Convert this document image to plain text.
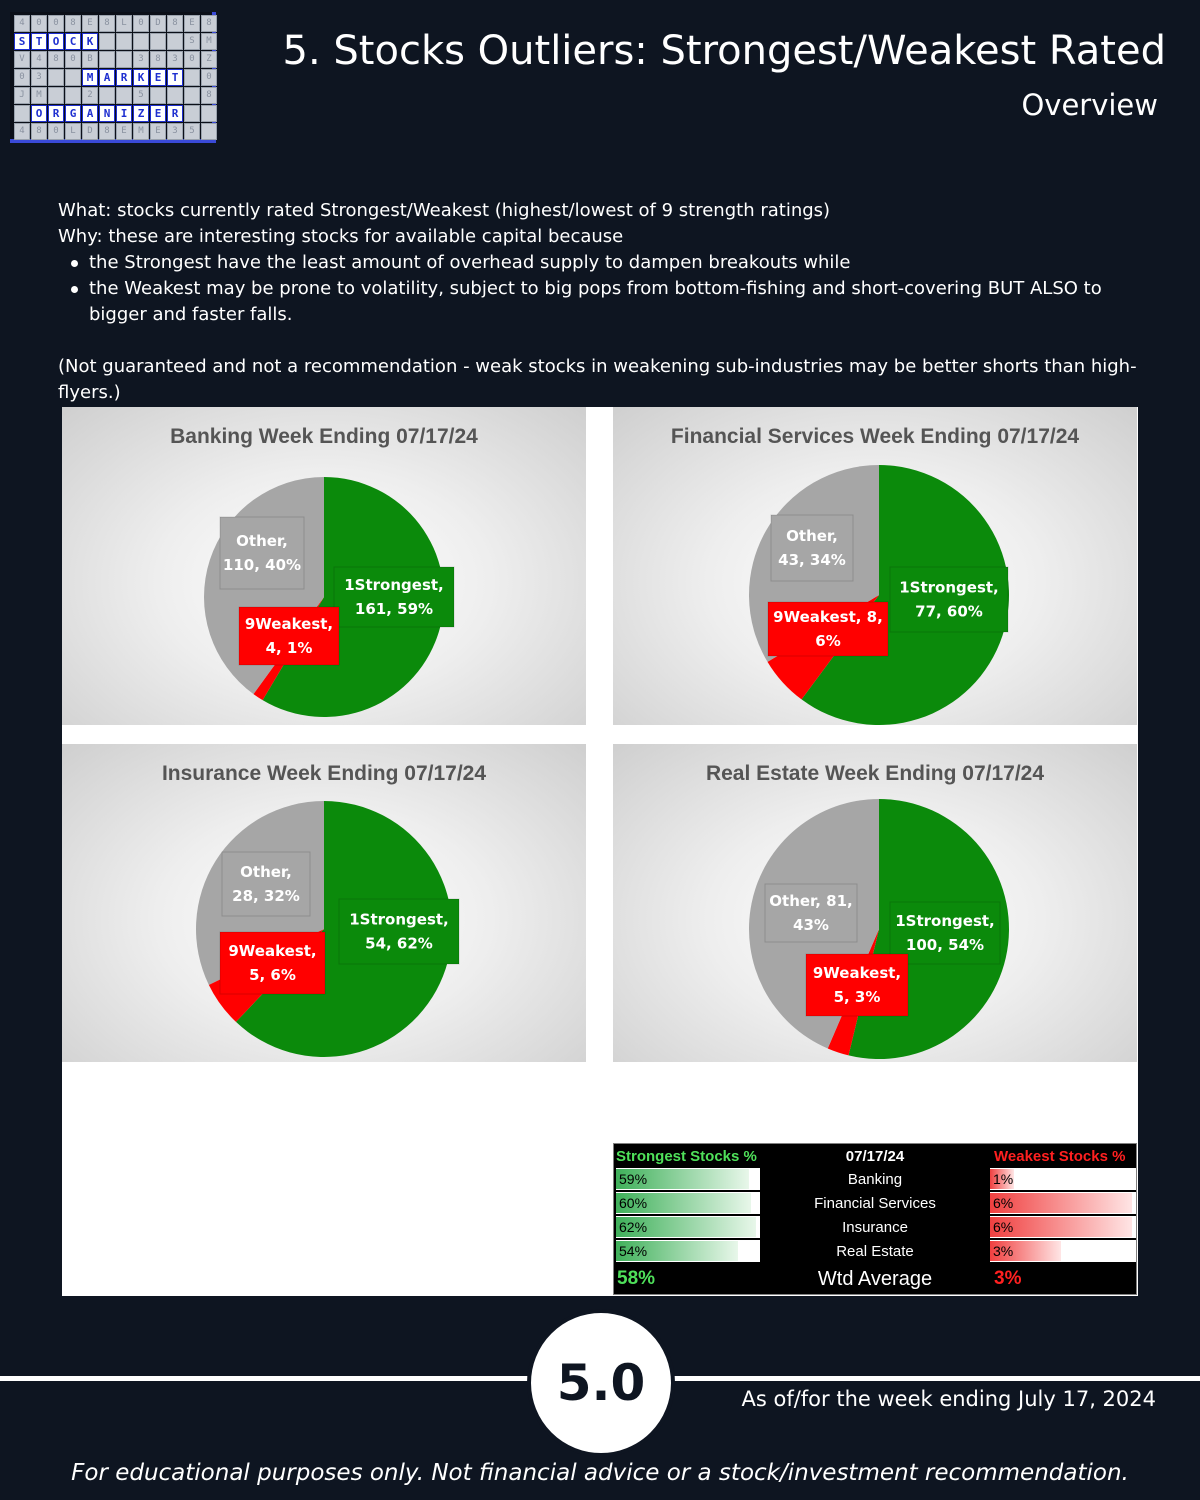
4	0	0	8	E	8	L	0	D	8	E	8
S T O C K	S	M
V	4	8	0	B	3	8	3	0	Z
0	3	M A R K E T	0
J	M	2	5	8
O R G A N I Z E R
4	8	0	L	D	8	E	M	E	3	5
5. Stocks Outliers: Strongest/Weakest Rated
Overview
What: stocks currently rated Strongest/Weakest (highest/lowest of 9 strength ratings)
Why: these are interesting stocks for available capital because
the Strongest have the least amount of overhead supply to dampen breakouts while
the Weakest may be prone to volatility, subject to big pops from bottom-fishing and short-covering BUT ALSO to bigger and faster falls.
(Not guaranteed and not a recommendation - weak stocks in weakening sub-industries may be better shorts than high-flyers.)
Banking Week Ending 07/17/24
1Strongest, 161, 59%
9Weakest, 4, 1%
Other, 110, 40%
Financial Services Week Ending 07/17/24
1Strongest, 77, 60%
9Weakest, 8, 6%
Other, 43, 34%
Insurance Week Ending 07/17/24
1Strongest, 54, 62%
9Weakest, 5, 6%
Other, 28, 32%
Real Estate Week Ending 07/17/24
1Strongest, 100, 54%
9Weakest, 5, 3%
Other, 81, 43%
Strongest Stocks %	07/17/24	Weakest Stocks %
59%	Banking	1%
60%	Financial Services	6%
62%	Insurance	6%
54%	Real Estate	3%
58%	Wtd Average	3%
5.0	As of/for the week ending July 17, 2024
For educational purposes only. Not financial advice or a stock/investment recommendation.
